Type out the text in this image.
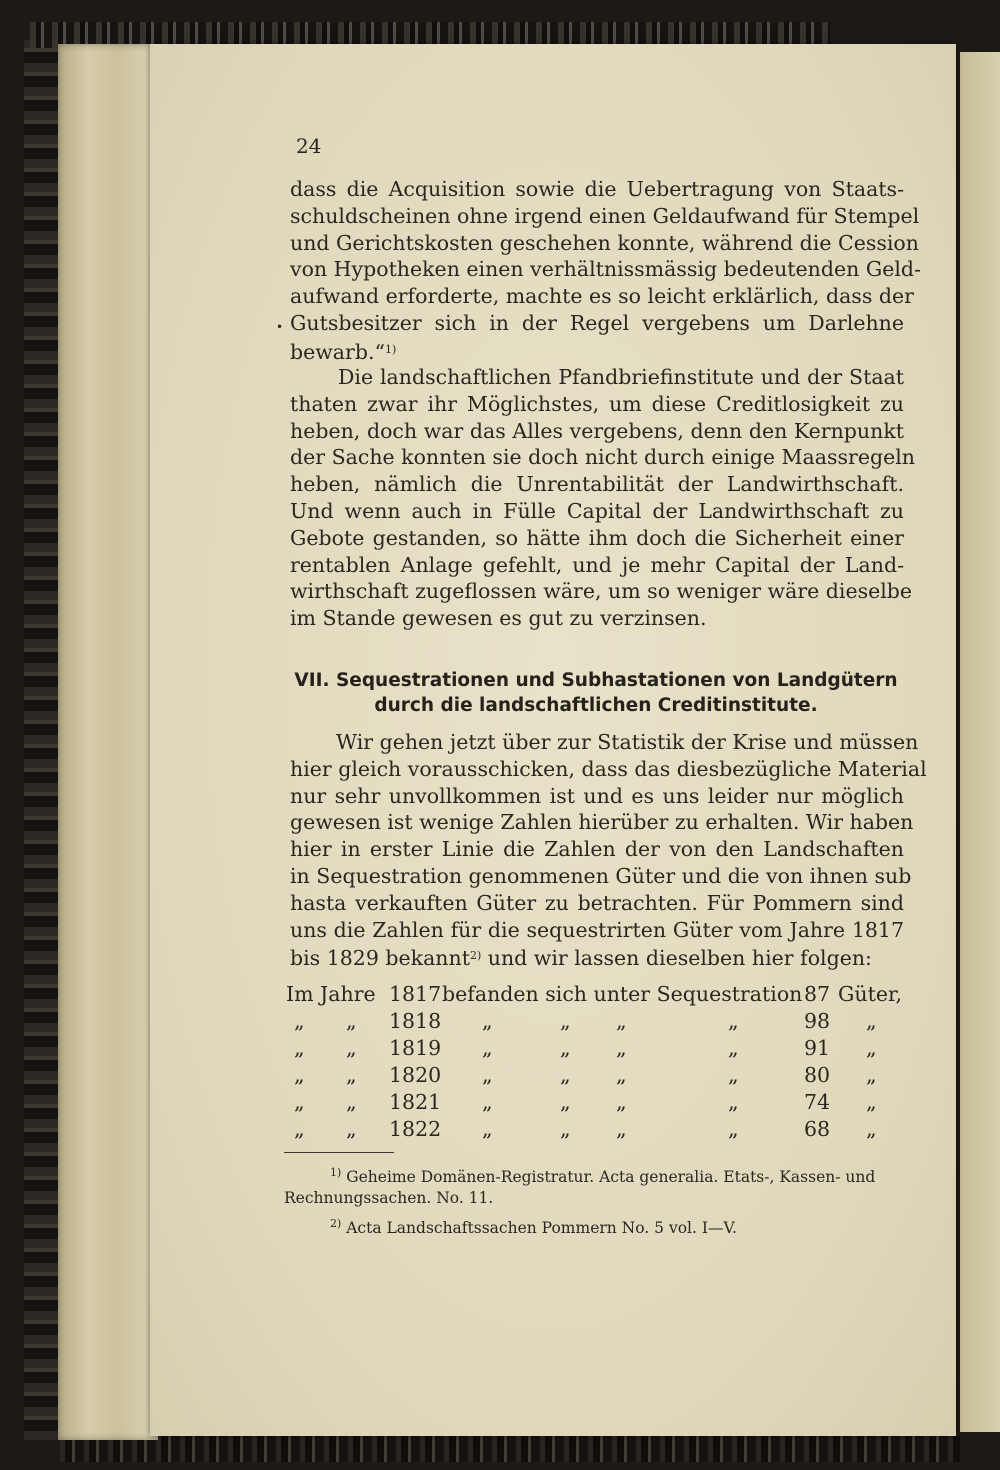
24
•
dass die Acquisition sowie die Uebertragung von Staats-
schuldscheinen ohne irgend einen Geldaufwand für Stempel
und Gerichtskosten geschehen konnte, während die Cession
von Hypotheken einen verhältnissmässig bedeutenden Geld-
aufwand erforderte, machte es so leicht erklärlich, dass der
Gutsbesitzer sich in der Regel vergebens um Darlehne
bewarb.“$^{1)}$
Die landschaftlichen Pfandbriefinstitute und der Staat
thaten zwar ihr Möglichstes, um diese Creditlosigkeit zu
heben, doch war das Alles vergebens, denn den Kernpunkt
der Sache konnten sie doch nicht durch einige Maassregeln
heben, nämlich die Unrentabilität der Landwirthschaft.
Und wenn auch in Fülle Capital der Landwirthschaft zu
Gebote gestanden, so hätte ihm doch die Sicherheit einer
rentablen Anlage gefehlt, und je mehr Capital der Land-
wirthschaft zugeflossen wäre, um so weniger wäre dieselbe
im Stande gewesen es gut zu verzinsen.
VII. Sequestrationen und Subhastationen von Landgütern
durch die landschaftlichen Creditinstitute.
Wir gehen jetzt über zur Statistik der Krise und müssen
hier gleich vorausschicken, dass das diesbezügliche Material
nur sehr unvollkommen ist und es uns leider nur möglich
gewesen ist wenige Zahlen hierüber zu erhalten. Wir haben
hier in erster Linie die Zahlen der von den Landschaften
in Sequestration genommenen Güter und die von ihnen sub
hasta verkauften Güter zu betrachten. Für Pommern sind
uns die Zahlen für die sequestrirten Güter vom Jahre 1817
bis 1829 bekannt$^{2)}$ und wir lassen dieselben hier folgen:
Im Jahre 1817 befanden sich unter Sequestration 87 Güter,
„ „ 1818 „	„ „	„	98 „
„ „ 1819 „	„ „	„	91 „
„ „ 1820 „	„ „	„	80 „
„ „ 1821 „	„ „	„	74 „
„ „ 1822 „	„ „	„	68 „
$^{1)}$ Geheime Domänen-Registratur. Acta generalia. Etats-, Kassen- und
Rechnungssachen. No. 11.
$^{2)}$ Acta Landschaftssachen Pommern No. 5 vol. I—V.
